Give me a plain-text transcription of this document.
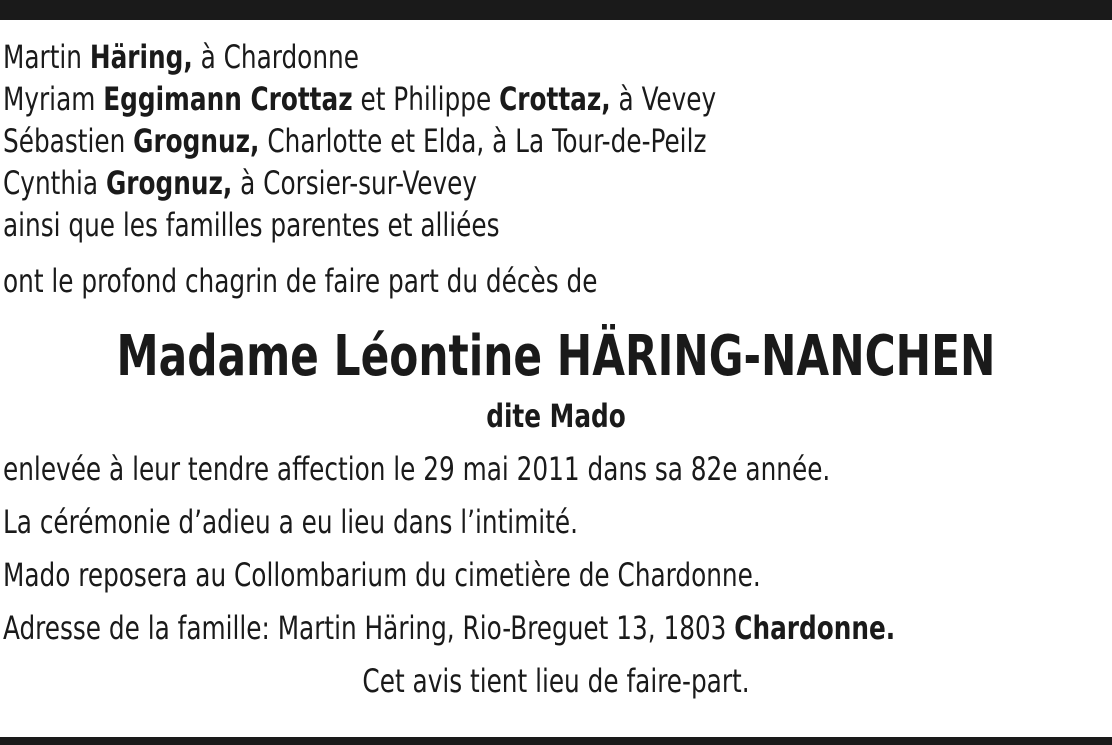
Martin Häring, à Chardonne
Myriam Eggimann Crottaz et Philippe Crottaz, à Vevey
Sébastien Grognuz, Charlotte et Elda, à La Tour-de-Peilz
Cynthia Grognuz, à Corsier-sur-Vevey
ainsi que les familles parentes et alliées
ont le profond chagrin de faire part du décès de
Madame Léontine HÄRING-NANCHEN
dite Mado
enlevée à leur tendre affection le 29 mai 2011 dans sa 82e année.
La cérémonie d’adieu a eu lieu dans l’intimité.
Mado reposera au Collombarium du cimetière de Chardonne.
Adresse de la famille: Martin Häring, Rio-Breguet 13, 1803 Chardonne.
Cet avis tient lieu de faire-part.
